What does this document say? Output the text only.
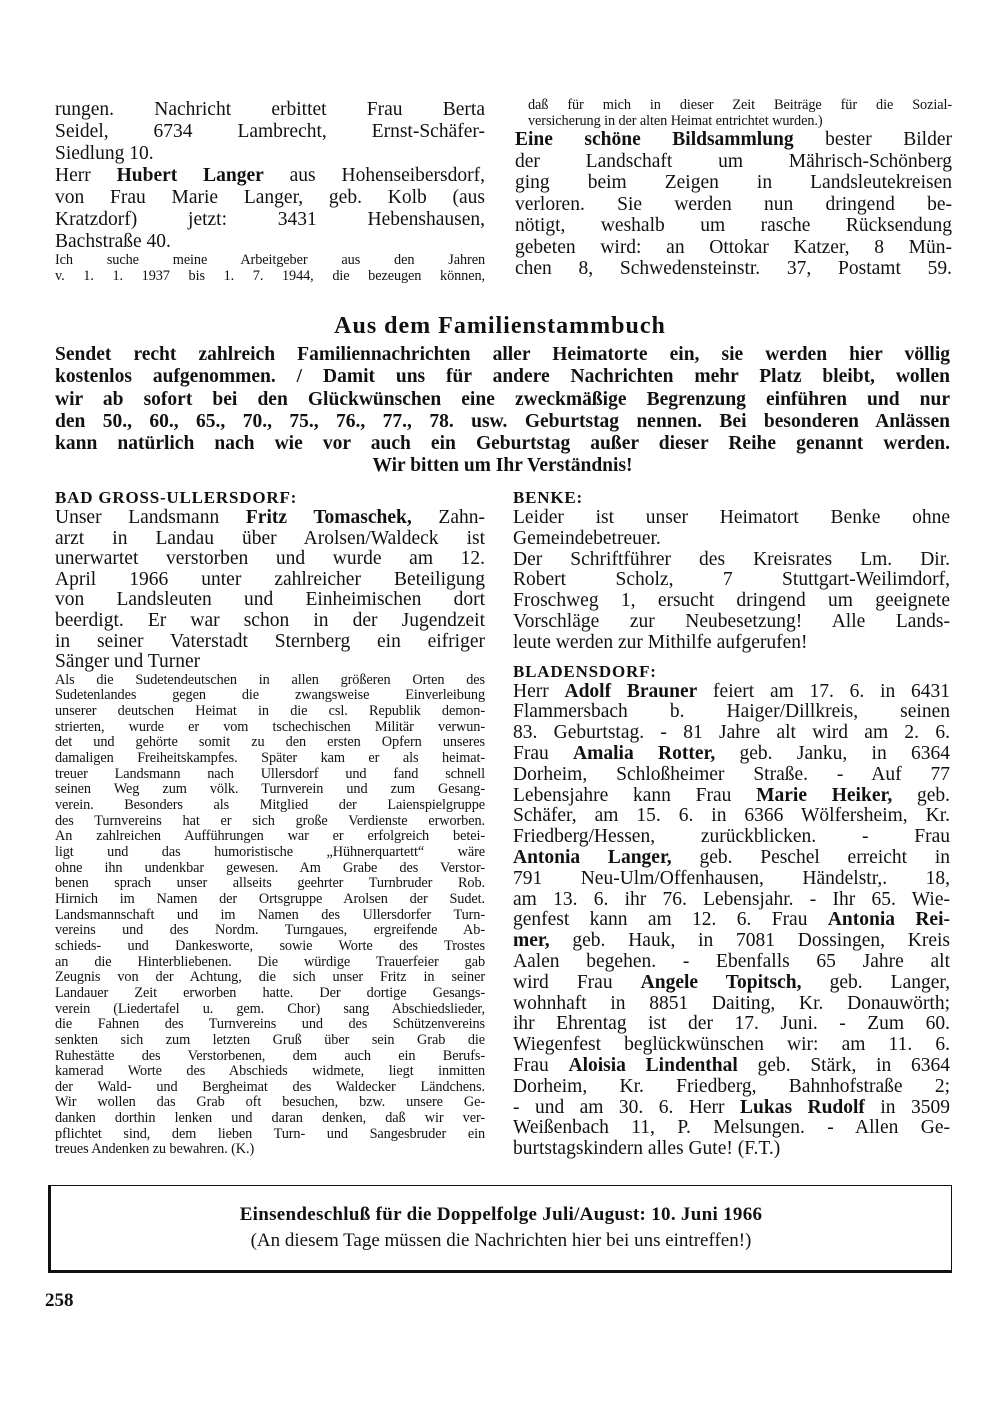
rungen. Nachricht erbittet Frau Berta
Seidel, 6734 Lambrecht, Ernst-Schäfer-
Siedlung 10.
Herr Hubert Langer aus Hohenseibersdorf,
von Frau Marie Langer, geb. Kolb (aus
Kratzdorf) jetzt: 3431 Hebenshausen,
Bachstraße 40.
Ich suche meine Arbeitgeber aus den Jahren
v. 1. 1. 1937 bis 1. 7. 1944, die bezeugen können,
daß für mich in dieser Zeit Beiträge für die Sozial-
versicherung in der alten Heimat entrichtet wurden.)
Eine schöne Bildsammlung bester Bilder
der Landschaft um Mährisch-Schönberg
ging beim Zeigen in Landsleutekreisen
verloren. Sie werden nun dringend be-
nötigt, weshalb um rasche Rücksendung
gebeten wird: an Ottokar Katzer, 8 Mün-
chen 8, Schwedensteinstr. 37, Postamt 59.
Aus dem Familienstammbuch
Sendet recht zahlreich Familiennachrichten aller Heimatorte ein, sie werden hier völlig
kostenlos aufgenommen. / Damit uns für andere Nachrichten mehr Platz bleibt, wollen
wir ab sofort bei den Glückwünschen eine zweckmäßige Begrenzung einführen und nur
den 50., 60., 65., 70., 75., 76., 77., 78. usw. Geburtstag nennen. Bei besonderen Anlässen
kann natürlich nach wie vor auch ein Geburtstag außer dieser Reihe genannt werden.
Wir bitten um Ihr Verständnis!
BAD GROSS-ULLERSDORF:
Unser Landsmann Fritz Tomaschek, Zahn-
arzt in Landau über Arolsen/Waldeck ist
unerwartet verstorben und wurde am 12.
April 1966 unter zahlreicher Beteiligung
von Landsleuten und Einheimischen dort
beerdigt. Er war schon in der Jugendzeit
in seiner Vaterstadt Sternberg ein eifriger
Sänger und Turner
Als die Sudetendeutschen in allen größeren Orten des
Sudetenlandes gegen die zwangsweise Einverleibung
unserer deutschen Heimat in die csl. Republik demon-
strierten, wurde er vom tschechischen Militär verwun-
det und gehörte somit zu den ersten Opfern unseres
damaligen Freiheitskampfes. Später kam er als heimat-
treuer Landsmann nach Ullersdorf und fand schnell
seinen Weg zum völk. Turnverein und zum Gesang-
verein. Besonders als Mitglied der Laienspielgruppe
des Turnvereins hat er sich große Verdienste erworben.
An zahlreichen Aufführungen war er erfolgreich betei-
ligt und das humoristische „Hühnerquartett“ wäre
ohne ihn undenkbar gewesen. Am Grabe des Verstor-
benen sprach unser allseits geehrter Turnbruder Rob.
Hirnich im Namen der Ortsgruppe Arolsen der Sudet.
Landsmannschaft und im Namen des Ullersdorfer Turn-
vereins und des Nordm. Turngaues, ergreifende Ab-
schieds- und Dankesworte, sowie Worte des Trostes
an die Hinterbliebenen. Die würdige Trauerfeier gab
Zeugnis von der Achtung, die sich unser Fritz in seiner
Landauer Zeit erworben hatte. Der dortige Gesangs-
verein (Liedertafel u. gem. Chor) sang Abschiedslieder,
die Fahnen des Turnvereins und des Schützenvereins
senkten sich zum letzten Gruß über sein Grab die
Ruhestätte des Verstorbenen, dem auch ein Berufs-
kamerad Worte des Abschieds widmete, liegt inmitten
der Wald- und Bergheimat des Waldecker Ländchens.
Wir wollen das Grab oft besuchen, bzw. unsere Ge-
danken dorthin lenken und daran denken, daß wir ver-
pflichtet sind, dem lieben Turn- und Sangesbruder ein
treues Andenken zu bewahren. (K.)
BENKE:
Leider ist unser Heimatort Benke ohne
Gemeindebetreuer.
Der Schriftführer des Kreisrates Lm. Dir.
Robert Scholz, 7 Stuttgart-Weilimdorf,
Froschweg 1, ersucht dringend um geeignete
Vorschläge zur Neubesetzung! Alle Lands-
leute werden zur Mithilfe aufgerufen!
BLADENSDORF:
Herr Adolf Brauner feiert am 17. 6. in 6431
Flammersbach b. Haiger/Dillkreis, seinen
83. Geburtstag. - 81 Jahre alt wird am 2. 6.
Frau Amalia Rotter, geb. Janku, in 6364
Dorheim, Schloßheimer Straße. - Auf 77
Lebensjahre kann Frau Marie Heiker, geb.
Schäfer, am 15. 6. in 6366 Wölfersheim, Kr.
Friedberg/Hessen, zurückblicken. - Frau
Antonia Langer, geb. Peschel erreicht in
791 Neu-Ulm/Offenhausen, Händelstr,. 18,
am 13. 6. ihr 76. Lebensjahr. - Ihr 65. Wie-
genfest kann am 12. 6. Frau Antonia Rei-
mer, geb. Hauk, in 7081 Dossingen, Kreis
Aalen begehen. - Ebenfalls 65 Jahre alt
wird Frau Angele Topitsch, geb. Langer,
wohnhaft in 8851 Daiting, Kr. Donauwörth;
ihr Ehrentag ist der 17. Juni. - Zum 60.
Wiegenfest beglückwünschen wir: am 11. 6.
Frau Aloisia Lindenthal geb. Stärk, in 6364
Dorheim, Kr. Friedberg, Bahnhofstraße 2;
- und am 30. 6. Herr Lukas Rudolf in 3509
Weißenbach 11, P. Melsungen. - Allen Ge-
burtstagskindern alles Gute! (F.T.)
Einsendeschluß für die Doppelfolge Juli/August: 10. Juni 1966
(An diesem Tage müssen die Nachrichten hier bei uns eintreffen!)
258
